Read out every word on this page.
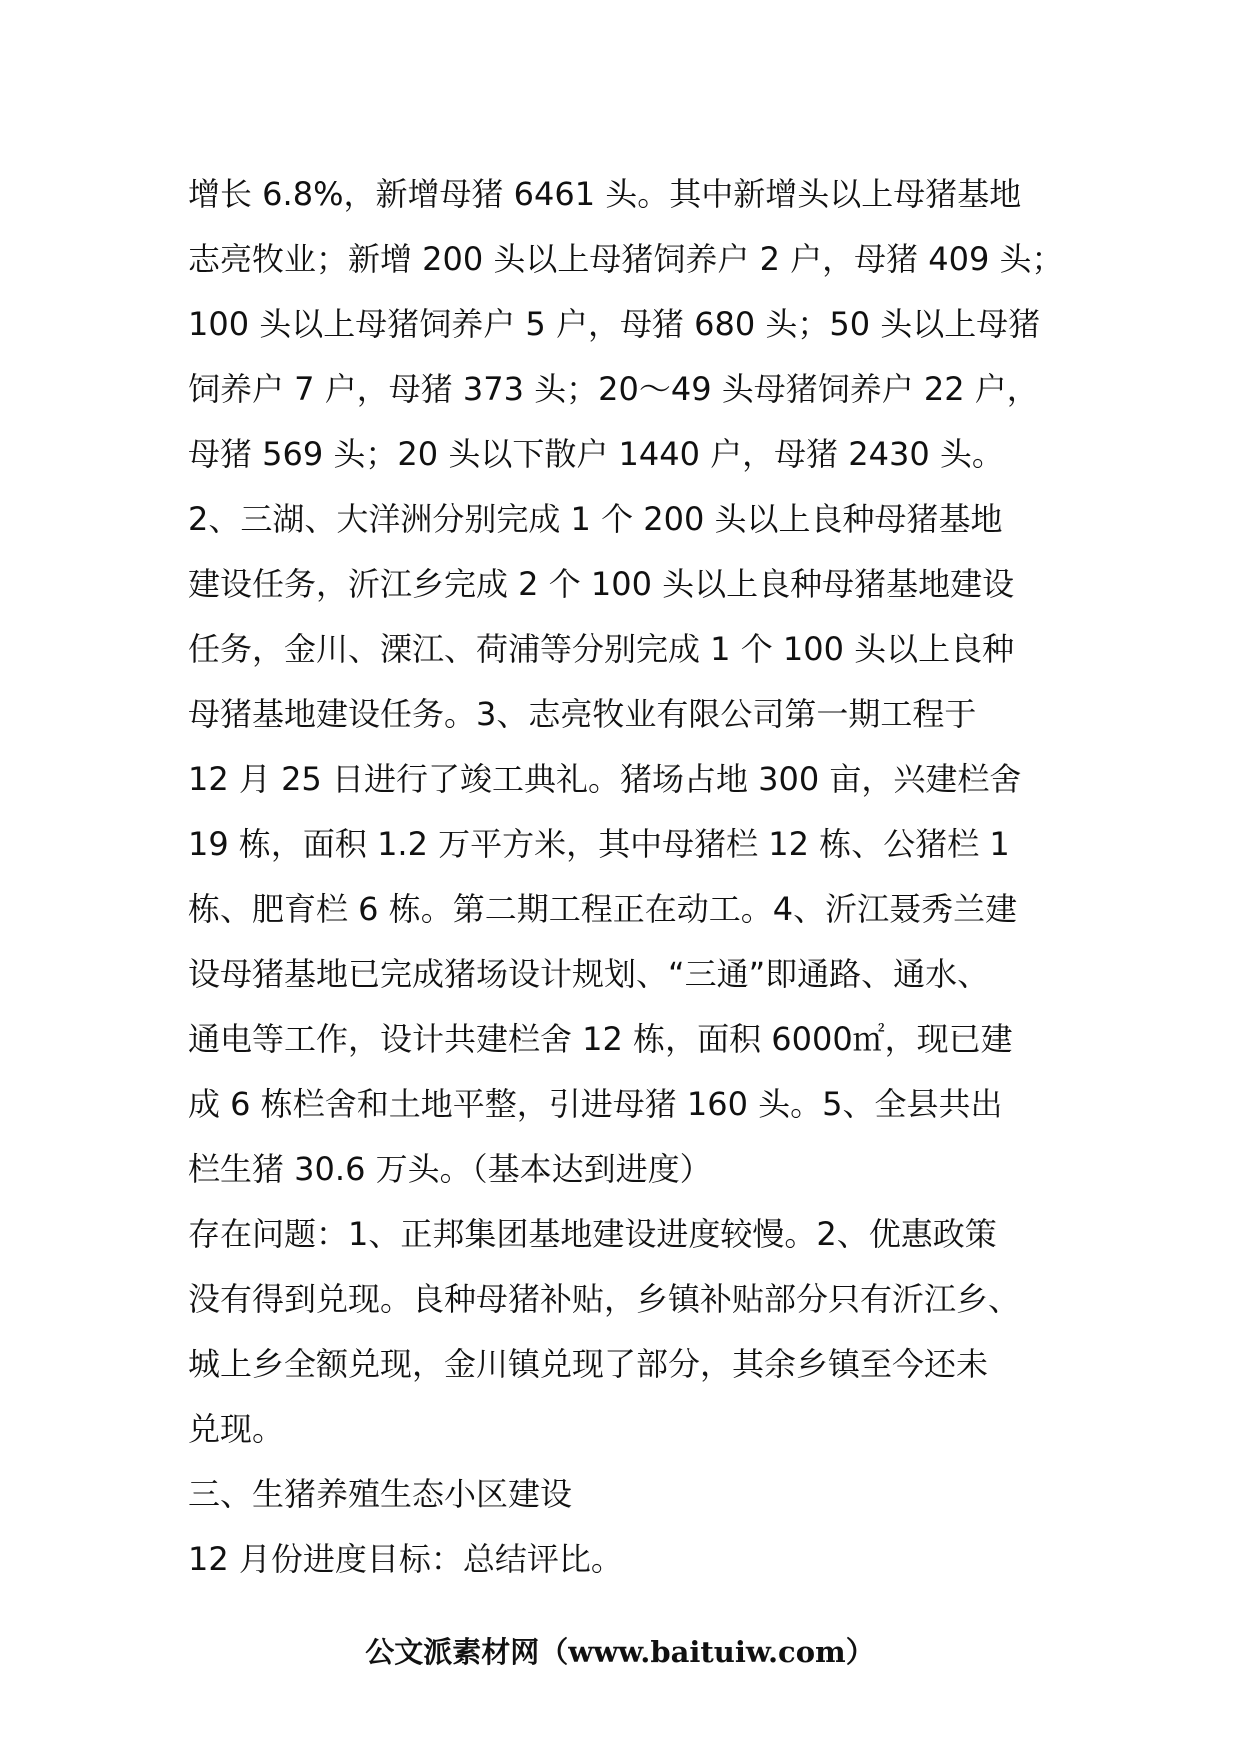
增长 6.8%，新增母猪 6461 头。其中新增头以上母猪基地
志亮牧业；新增 200 头以上母猪饲养户 2 户，母猪 409 头；
100 头以上母猪饲养户 5 户，母猪 680 头；50 头以上母猪
饲养户 7 户，母猪 373 头；20～49 头母猪饲养户 22 户，
母猪 569 头；20 头以下散户 1440 户，母猪 2430 头。
2、三湖、大洋洲分别完成 1 个 200 头以上良种母猪基地
建设任务，沂江乡完成 2 个 100 头以上良种母猪基地建设
任务，金川、溧江、荷浦等分别完成 1 个 100 头以上良种
母猪基地建设任务。3、志亮牧业有限公司第一期工程于
12 月 25 日进行了竣工典礼。猪场占地 300 亩，兴建栏舍
19 栋，面积 1.2 万平方米，其中母猪栏 12 栋、公猪栏 1
栋、肥育栏 6 栋。第二期工程正在动工。4、沂江聂秀兰建
设母猪基地已完成猪场设计规划、“三通”即通路、通水、
通电等工作，设计共建栏舍 12 栋，面积 6000㎡，现已建
成 6 栋栏舍和土地平整，引进母猪 160 头。5、全县共出
栏生猪 30.6 万头。（基本达到进度）
存在问题：1、正邦集团基地建设进度较慢。2、优惠政策
没有得到兑现。良种母猪补贴，乡镇补贴部分只有沂江乡、
城上乡全额兑现，金川镇兑现了部分，其余乡镇至今还未
兑现。
三、生猪养殖生态小区建设
12 月份进度目标：总结评比。
公文派素材网（www.baituiw.com）
